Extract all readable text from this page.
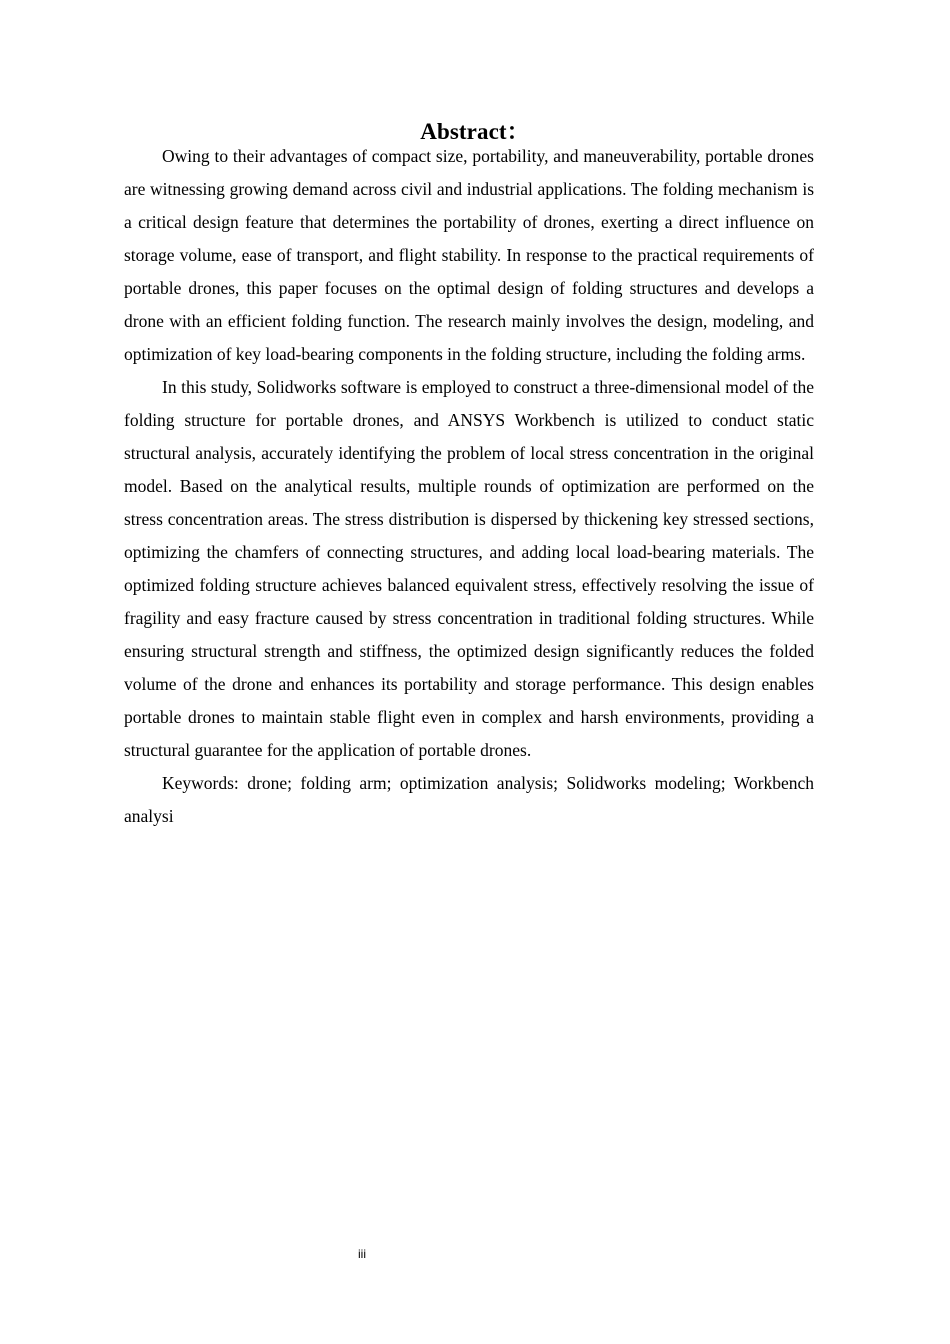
Abstract：

Owing to their advantages of compact size, portability, and maneuverability, portable drones are witnessing growing demand across civil and industrial applications. The folding mechanism is a critical design feature that determines the portability of drones, exerting a direct influence on storage volume, ease of transport, and flight stability. In response to the practical requirements of portable drones, this paper focuses on the optimal design of folding structures and develops a drone with an efficient folding function. The research mainly involves the design, modeling, and optimization of key load-bearing components in the folding structure, including the folding arms.

In this study, Solidworks software is employed to construct a three-dimensional model of the folding structure for portable drones, and ANSYS Workbench is utilized to conduct static structural analysis, accurately identifying the problem of local stress concentration in the original model. Based on the analytical results, multiple rounds of optimization are performed on the stress concentration areas. The stress distribution is dispersed by thickening key stressed sections, optimizing the chamfers of connecting structures, and adding local load-bearing materials. The optimized folding structure achieves balanced equivalent stress, effectively resolving the issue of fragility and easy fracture caused by stress concentration in traditional folding structures. While ensuring structural strength and stiffness, the optimized design significantly reduces the folded volume of the drone and enhances its portability and storage performance. This design enables portable drones to maintain stable flight even in complex and harsh environments, providing a structural guarantee for the application of portable drones.

Keywords: drone; folding arm; optimization analysis; Solidworks modeling; Workbench analysi

iii
